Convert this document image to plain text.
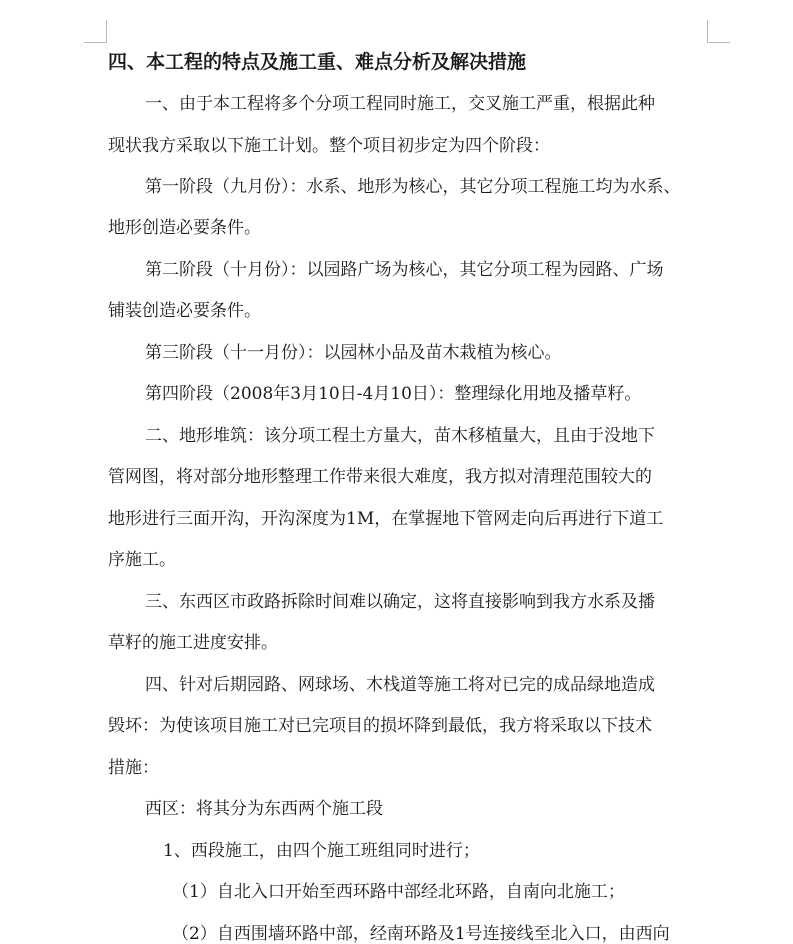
四、本工程的特点及施工重、难点分析及解决措施
一、由于本工程将多个分项工程同时施工，交叉施工严重，根据此种
现状我方采取以下施工计划。整个项目初步定为四个阶段：
第一阶段（九月份）：水系、地形为核心，其它分项工程施工均为水系、
地形创造必要条件。
第二阶段（十月份）：以园路广场为核心，其它分项工程为园路、广场
铺装创造必要条件。
第三阶段（十一月份）：以园林小品及苗木栽植为核心。
第四阶段（2008年3月10日-4月10日）：整理绿化用地及播草籽。
二、地形堆筑：该分项工程土方量大，苗木移植量大，且由于没地下
管网图，将对部分地形整理工作带来很大难度，我方拟对清理范围较大的
地形进行三面开沟，开沟深度为1M，在掌握地下管网走向后再进行下道工
序施工。
三、东西区市政路拆除时间难以确定，这将直接影响到我方水系及播
草籽的施工进度安排。
四、针对后期园路、网球场、木栈道等施工将对已完的成品绿地造成
毁坏：为使该项目施工对已完项目的损坏降到最低，我方将采取以下技术
措施：
西区：将其分为东西两个施工段
1、西段施工，由四个施工班组同时进行；
（1）自北入口开始至西环路中部经北环路，自南向北施工；
（2）自西围墙环路中部，经南环路及1号连接线至北入口，由西向
